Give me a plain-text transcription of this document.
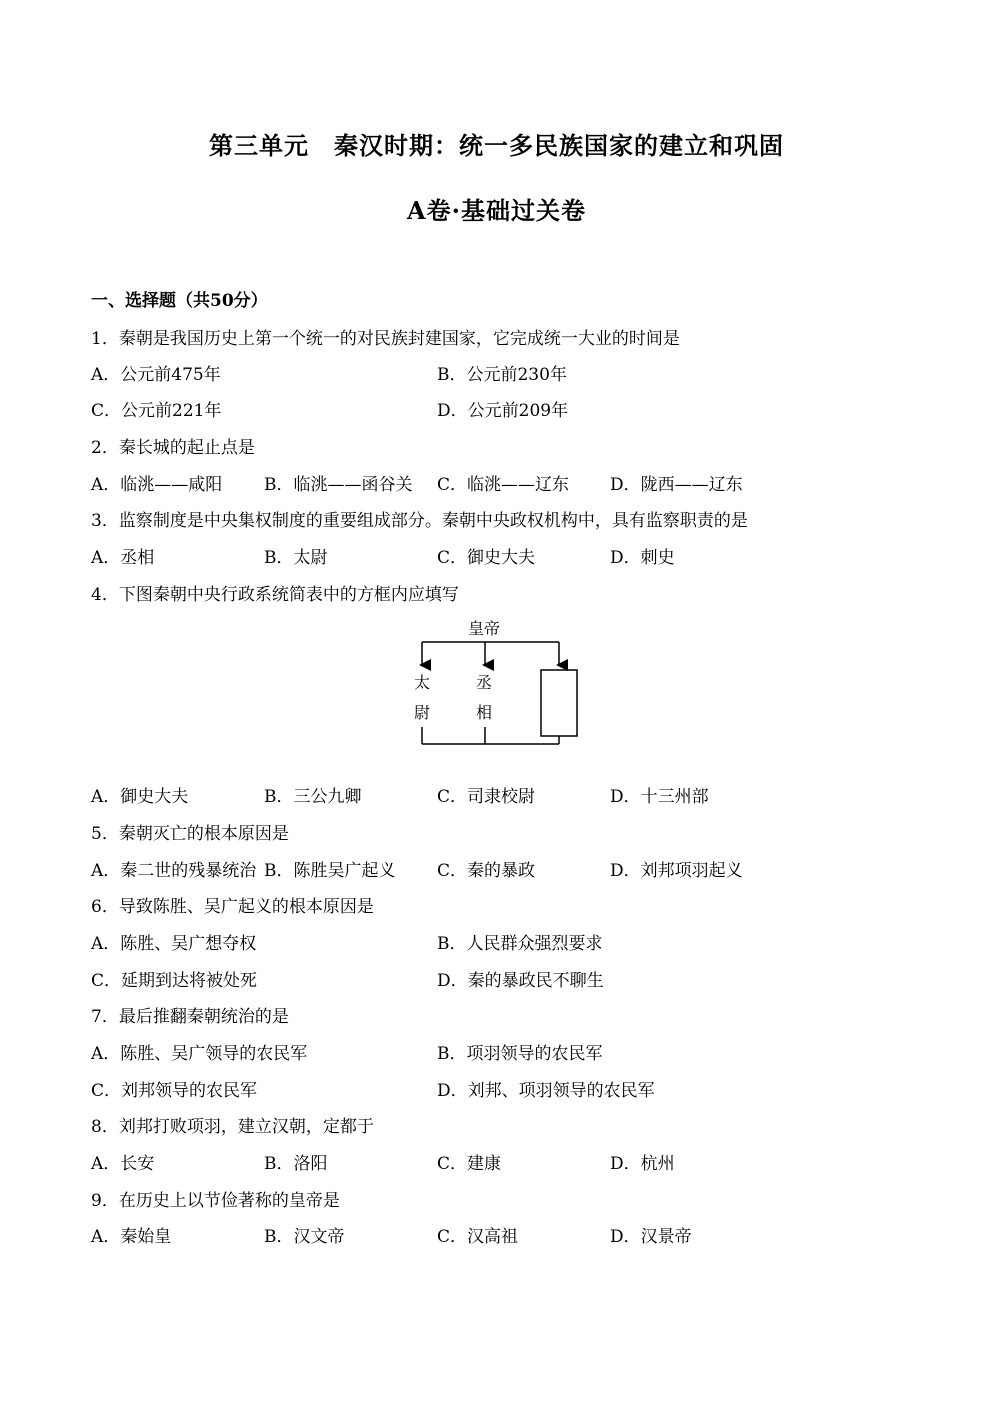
第三单元　秦汉时期：统一多民族国家的建立和巩固
A卷·基础过关卷
一、选择题（共50分）
1．秦朝是我国历史上第一个统一的对民族封建国家，它完成统一大业的时间是
A．公元前475年	B．公元前230年
C．公元前221年	D．公元前209年
2．秦长城的起止点是
A．临洮——咸阳 B．临洮——函谷关 C．临洮——辽东 D．陇西——辽东
3．监察制度是中央集权制度的重要组成部分。秦朝中央政权机构中，具有监察职责的是
A．丞相	B．太尉	C．御史大夫	D．刺史
4．下图秦朝中央行政系统简表中的方框内应填写
皇帝
太
尉
丞
相
A．御史大夫	B．三公九卿	C．司隶校尉	D．十三州部
5．秦朝灭亡的根本原因是
A．秦二世的残暴统治 B．陈胜吴广起义 C．秦的暴政	D．刘邦项羽起义
6．导致陈胜、吴广起义的根本原因是
A．陈胜、吴广想夺权	B．人民群众强烈要求
C．延期到达将被处死	D．秦的暴政民不聊生
7．最后推翻秦朝统治的是
A．陈胜、吴广领导的农民军	B．项羽领导的农民军
C．刘邦领导的农民军	D．刘邦、项羽领导的农民军
8．刘邦打败项羽，建立汉朝，定都于
A．长安	B．洛阳	C．建康	D．杭州
9．在历史上以节俭著称的皇帝是
A．秦始皇	B．汉文帝	C．汉高祖	D．汉景帝
